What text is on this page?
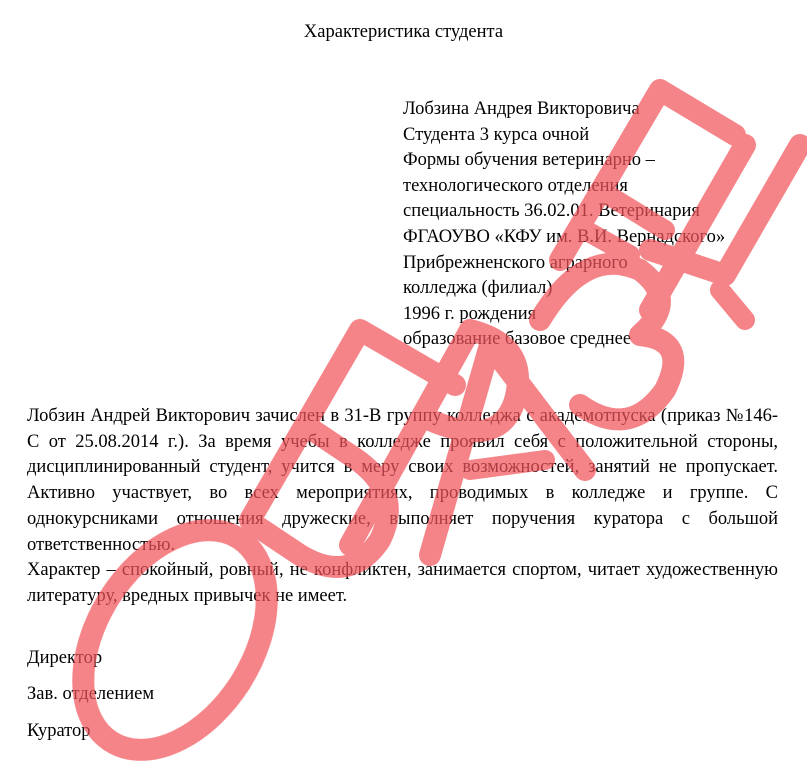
Характеристика студента
Лобзина Андрея Викторовича
Студента 3 курса очной
Формы обучения ветеринарно –
технологического отделения
специальность 36.02.01. Ветеринария
ФГАОУВО «КФУ им. В.И. Вернадского»
Прибрежненского аграрного
колледжа (филиал)
1996 г. рождения
образование базовое среднее

Лобзин Андрей Викторович зачислен в 31-В группу колледжа с академотпуска (приказ №146-С от 25.08.2014 г.). За время учебы в колледже проявил себя с положительной стороны, дисциплинированный студент, учится в меру своих возможностей, занятий не пропускает. Активно участвует, во всех мероприятиях, проводимых в колледже и группе. С однокурсниками отношения дружеские, выполняет поручения куратора с большой ответственностью.

Характер – спокойный, ровный, не конфликтен, занимается спортом, читает художественную литературу, вредных привычек не имеет.

Директор
Зав. отделением
Куратор
